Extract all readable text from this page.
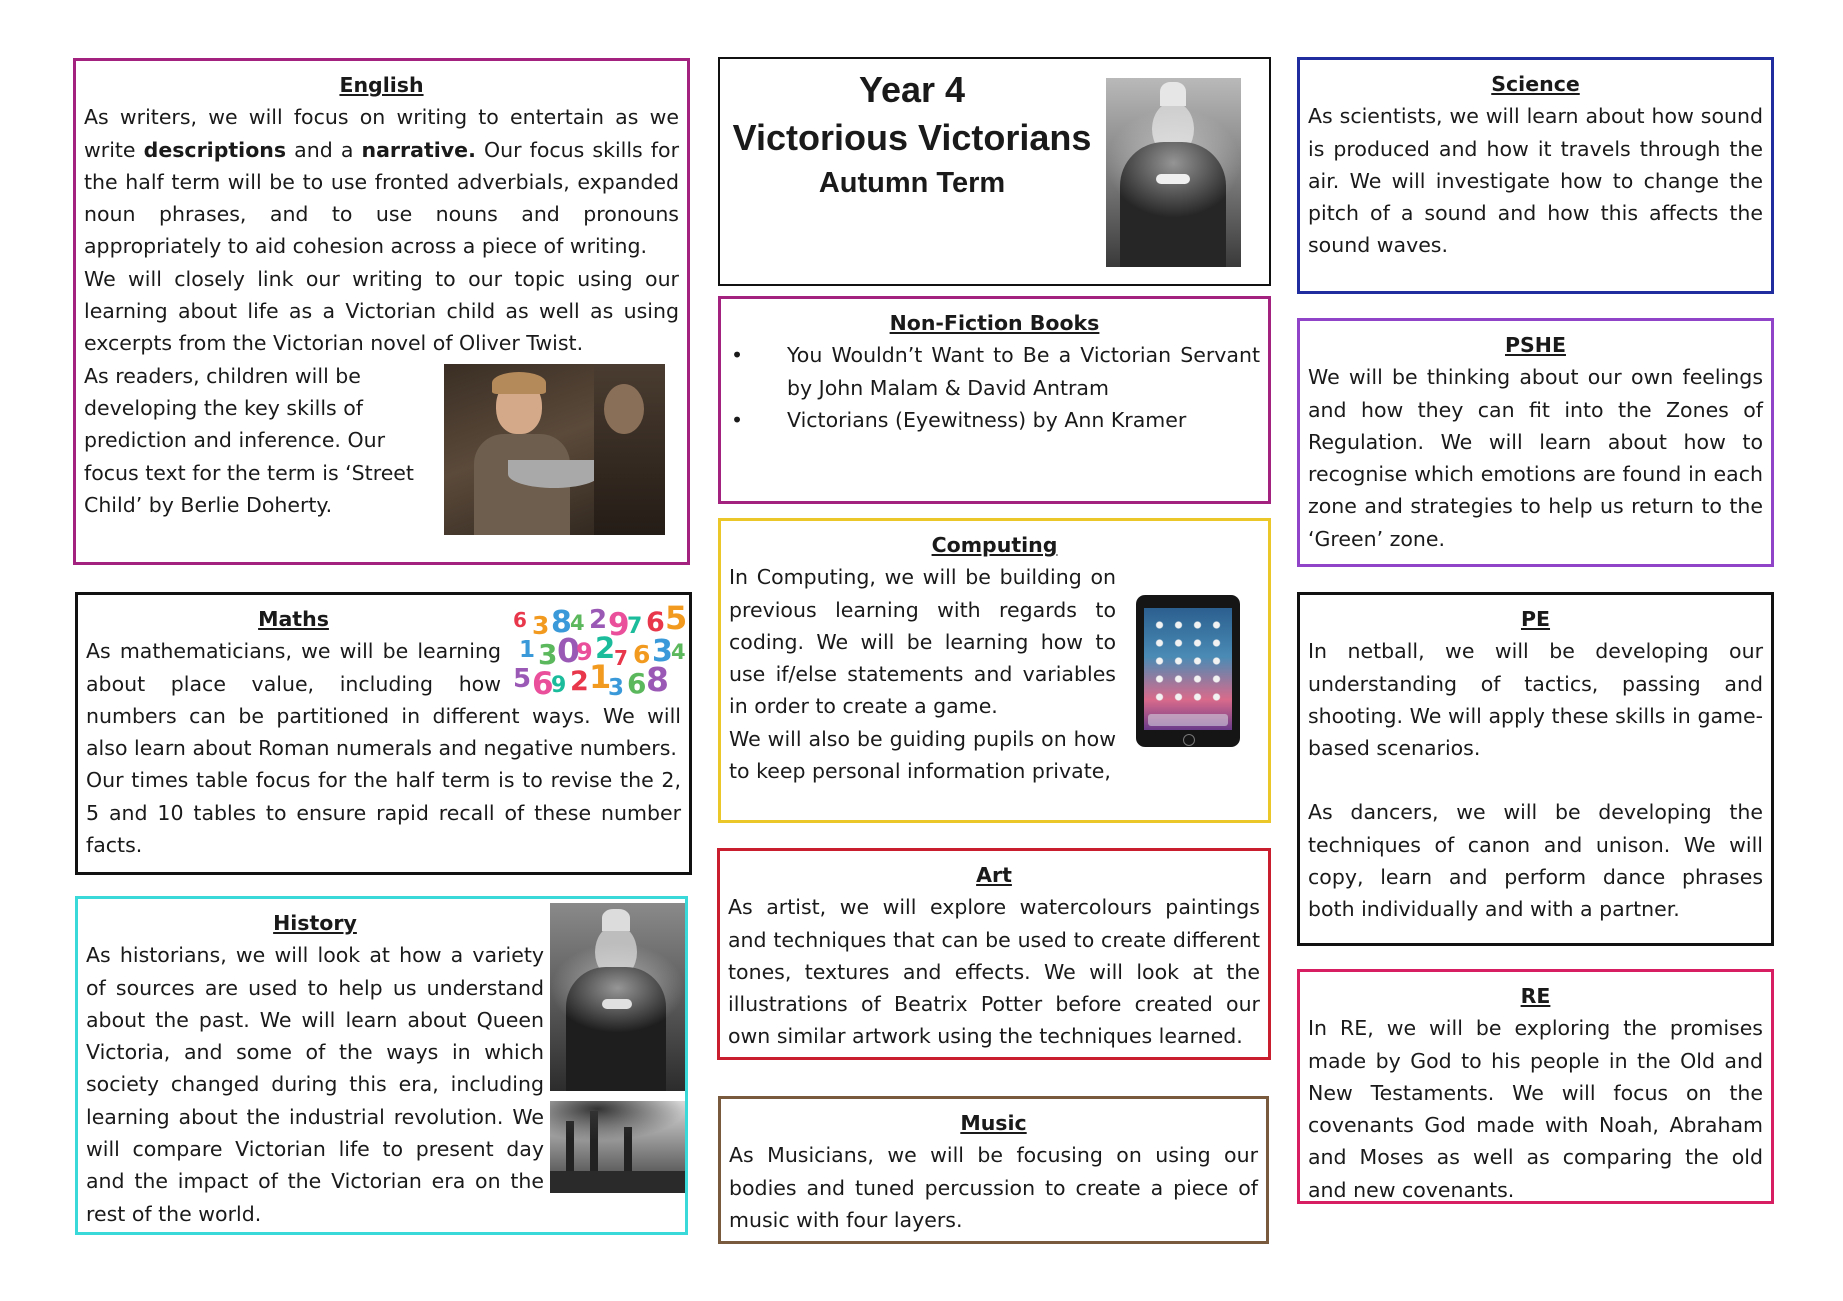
English

As writers, we will focus on writing to entertain as we write descriptions and a narrative. Our focus skills for the half term will be to use fronted adverbials, expanded noun phrases, and to use nouns and pronouns appropriately to aid cohesion across a piece of writing.

We will closely link our writing to our topic using our learning about life as a Victorian child as well as using excerpts from the Victorian novel of Oliver Twist.

As readers, children will be developing the key skills of prediction and inference. Our focus text for the term is ‘Street Child’ by Berlie Doherty.

6 3 8
4 2 9
7 6 5
1 3 0
9 2
7 6 3
4
5 6
9 2 1
3 6 8
Maths

As mathematicians, we will be learning about place value, including how numbers can be partitioned in different ways. We will also learn about Roman numerals and negative numbers.

Our times table focus for the half term is to revise the 2, 5 and 10 tables to ensure rapid recall of these number facts.

History

As historians, we will look at how a variety of sources are used to help us understand about the past. We will learn about Queen Victoria, and some of the ways in which society changed during this era, including learning about the industrial revolution. We will compare Victorian life to present day and the impact of the Victorian era on the rest of the world.

Year 4
Victorious Victorians
Autumn Term
Non-Fiction Books
• You Wouldn’t Want to Be a Victorian Servant by John Malam & David Antram
• Victorians (Eyewitness) by Ann Kramer
Computing

In Computing, we will be building on previous learning with regards to coding. We will be learning how to use if/else statements and variables in order to create a game.

We will also be guiding pupils on how to keep personal information private,

Art

As artist, we will explore watercolours paintings and techniques that can be used to create different tones, textures and effects. We will look at the illustrations of Beatrix Potter before created our own similar artwork using the techniques learned.

Music

As Musicians, we will be focusing on using our bodies and tuned percussion to create a piece of music with four layers.

Science

As scientists, we will learn about how sound is produced and how it travels through the air. We will investigate how to change the pitch of a sound and how this affects the sound waves.

PSHE

We will be thinking about our own feelings and how they can fit into the Zones of Regulation. We will learn about how to recognise which emotions are found in each zone and strategies to help us return to the ‘Green’ zone.

PE

In netball, we will be developing our understanding of tactics, passing and shooting. We will apply these skills in game-based scenarios.

As dancers, we will be developing the techniques of canon and unison. We will copy, learn and perform dance phrases both individually and with a partner.

RE

In RE, we will be exploring the promises made by God to his people in the Old and New Testaments. We will focus on the covenants God made with Noah, Abraham and Moses as well as comparing the old and new covenants.
